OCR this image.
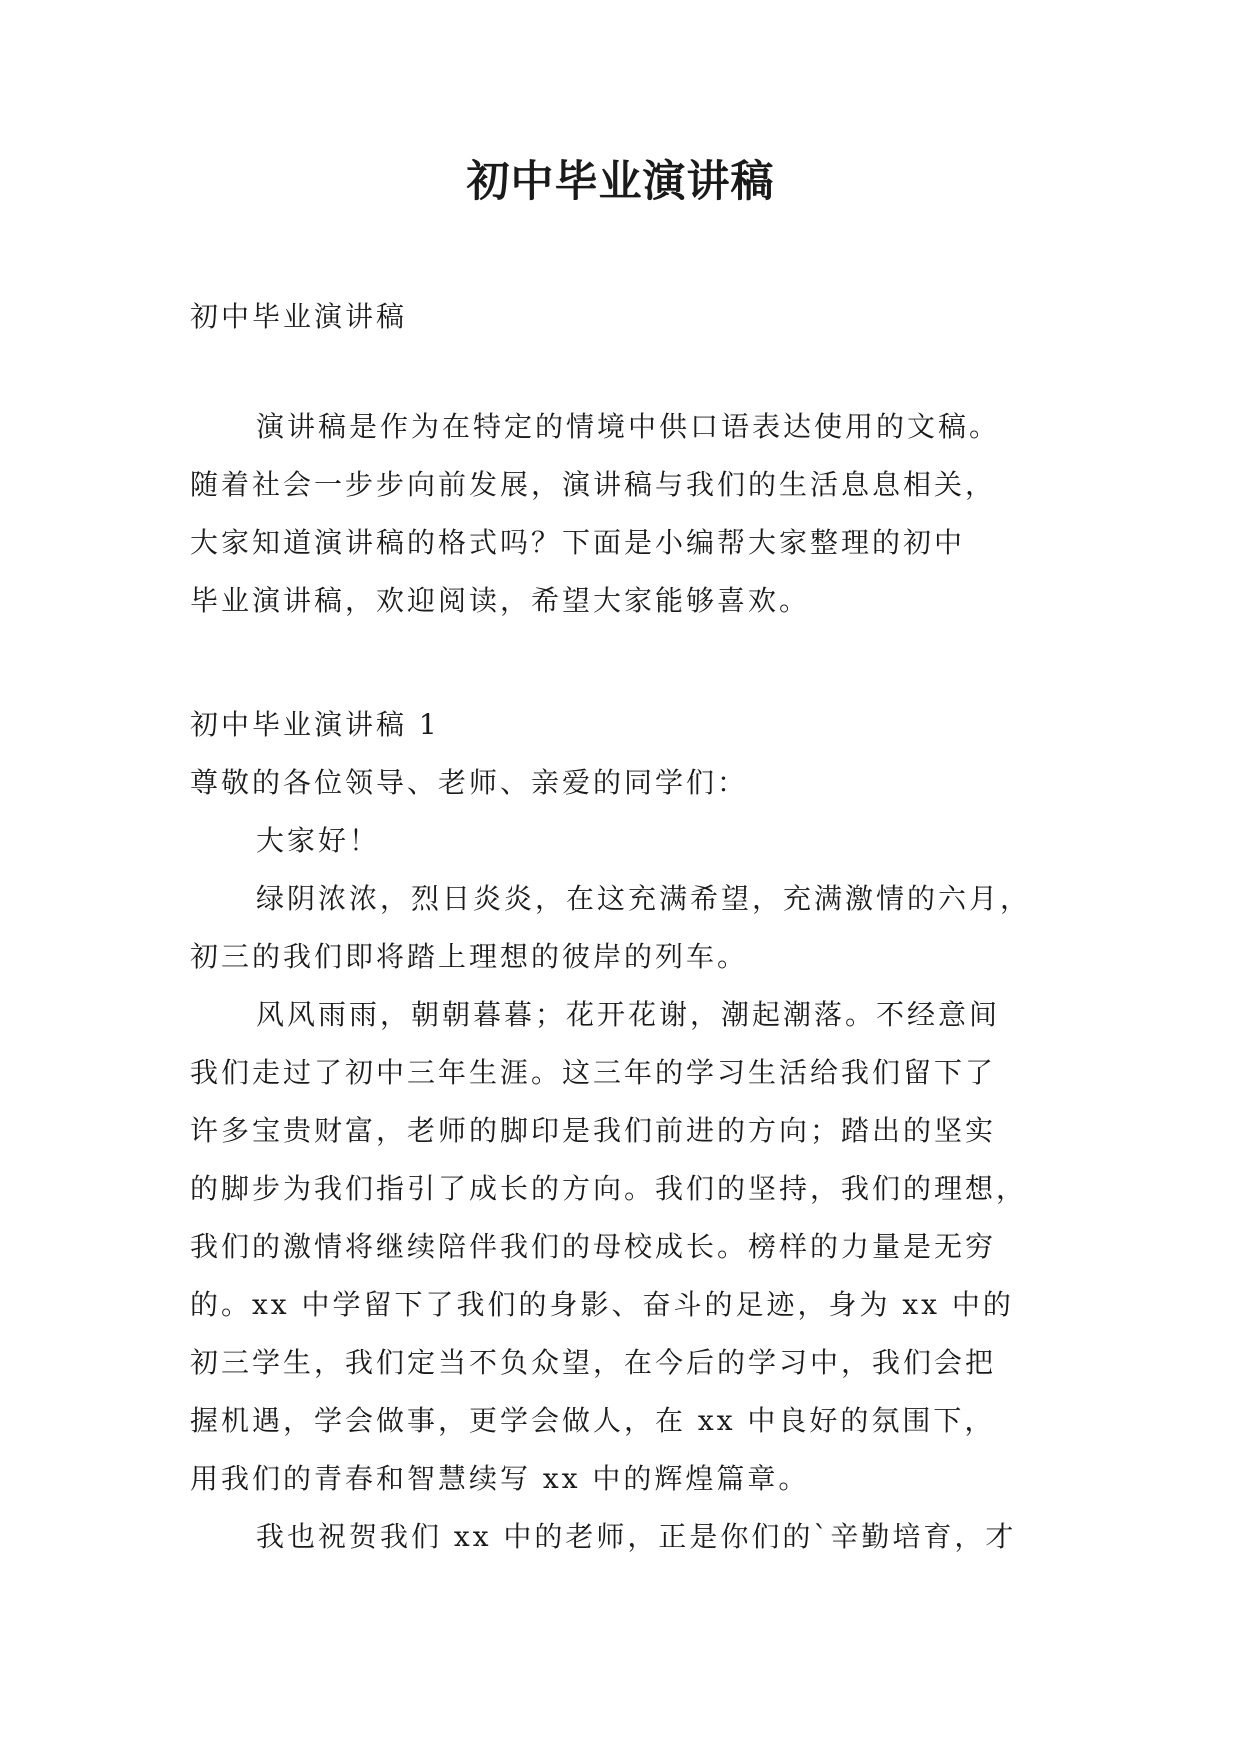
初中毕业演讲稿
初中毕业演讲稿
演讲稿是作为在特定的情境中供口语表达使用的文稿。
随着社会一步步向前发展，演讲稿与我们的生活息息相关，
大家知道演讲稿的格式吗？下面是小编帮大家整理的初中
毕业演讲稿，欢迎阅读，希望大家能够喜欢。
初中毕业演讲稿 1
尊敬的各位领导、老师、亲爱的同学们：
大家好！
绿阴浓浓，烈日炎炎，在这充满希望，充满激情的六月，
初三的我们即将踏上理想的彼岸的列车。
风风雨雨，朝朝暮暮；花开花谢，潮起潮落。不经意间
我们走过了初中三年生涯。这三年的学习生活给我们留下了
许多宝贵财富，老师的脚印是我们前进的方向；踏出的坚实
的脚步为我们指引了成长的方向。我们的坚持，我们的理想，
我们的激情将继续陪伴我们的母校成长。榜样的力量是无穷
的。xx 中学留下了我们的身影、奋斗的足迹，身为 xx 中的
初三学生，我们定当不负众望，在今后的学习中，我们会把
握机遇，学会做事，更学会做人，在 xx 中良好的氛围下，
用我们的青春和智慧续写 xx 中的辉煌篇章。
我也祝贺我们 xx 中的老师，正是你们的`辛勤培育，才
